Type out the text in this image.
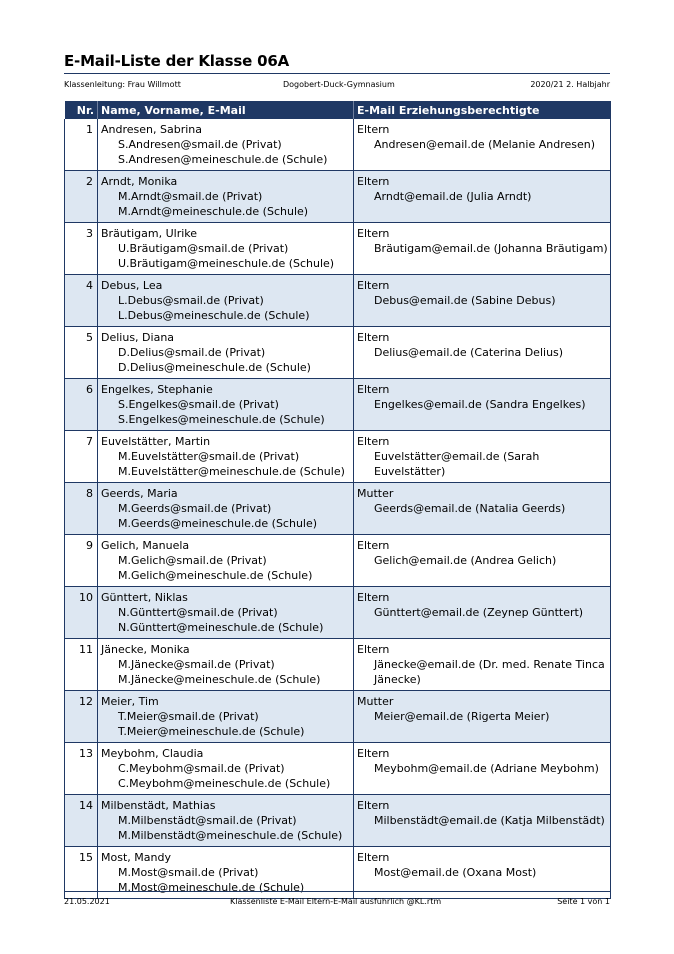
E-Mail-Liste der Klasse 06A
Klassenleitung: Frau Willmott	Dogobert-Duck-Gymnasium	2020/21 2. Halbjahr
Nr.	Name, Vorname, E-Mail	E-Mail Erziehungsberechtigte
1	Andresen, Sabrina
S.Andresen@smail.de (Privat)
S.Andresen@meineschule.de (Schule)	Eltern
Andresen@email.de (Melanie Andresen)

2	Arndt, Monika
M.Arndt@smail.de (Privat)
M.Arndt@meineschule.de (Schule)	Eltern
Arndt@email.de (Julia Arndt)

3	Bräutigam, Ulrike
U.Bräutigam@smail.de (Privat)
U.Bräutigam@meineschule.de (Schule)	Eltern
Bräutigam@email.de (Johanna Bräutigam)

4	Debus, Lea
L.Debus@smail.de (Privat)
L.Debus@meineschule.de (Schule)	Eltern
Debus@email.de (Sabine Debus)

5	Delius, Diana
D.Delius@smail.de (Privat)
D.Delius@meineschule.de (Schule)	Eltern
Delius@email.de (Caterina Delius)

6	Engelkes, Stephanie
S.Engelkes@smail.de (Privat)
S.Engelkes@meineschule.de (Schule)	Eltern
Engelkes@email.de (Sandra Engelkes)

7	Euvelstätter, Martin
M.Euvelstätter@smail.de (Privat)
M.Euvelstätter@meineschule.de (Schule)	Eltern
Euvelstätter@email.de (Sarah Euvelstätter)

8	Geerds, Maria
M.Geerds@smail.de (Privat)
M.Geerds@meineschule.de (Schule)	Mutter
Geerds@email.de (Natalia Geerds)

9	Gelich, Manuela
M.Gelich@smail.de (Privat)
M.Gelich@meineschule.de (Schule)	Eltern
Gelich@email.de (Andrea Gelich)

10	Günttert, Niklas
N.Günttert@smail.de (Privat)
N.Günttert@meineschule.de (Schule)	Eltern
Günttert@email.de (Zeynep Günttert)

11	Jänecke, Monika
M.Jänecke@smail.de (Privat)
M.Jänecke@meineschule.de (Schule)	Eltern
Jänecke@email.de (Dr. med. Renate Tinca Jänecke)

12	Meier, Tim
T.Meier@smail.de (Privat)
T.Meier@meineschule.de (Schule)	Mutter
Meier@email.de (Rigerta Meier)

13	Meybohm, Claudia
C.Meybohm@smail.de (Privat)
C.Meybohm@meineschule.de (Schule)	Eltern
Meybohm@email.de (Adriane Meybohm)

14	Milbenstädt, Mathias
M.Milbenstädt@smail.de (Privat)
M.Milbenstädt@meineschule.de (Schule)	Eltern
Milbenstädt@email.de (Katja Milbenstädt)

15	Most, Mandy
M.Most@smail.de (Privat)
M.Most@meineschule.de (Schule)	Eltern
Most@email.de (Oxana Most)
21.05.2021	Klassenliste E-Mail Eltern-E-Mail ausführlich @KL.rtm	Seite 1 von 1
